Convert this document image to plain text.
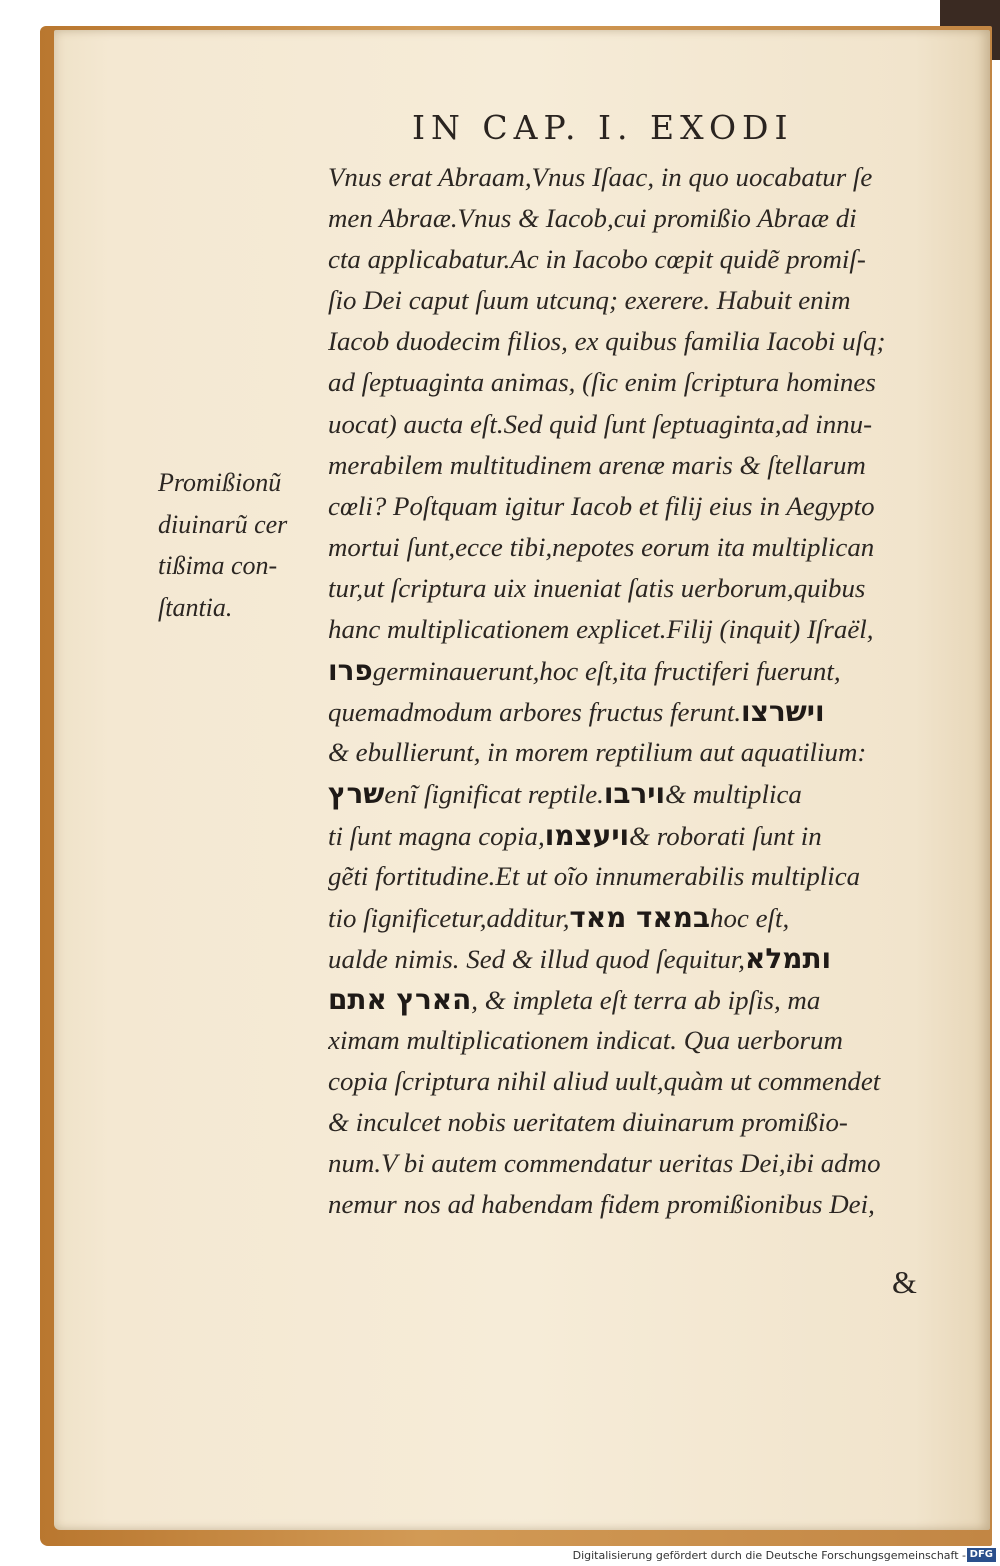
IN CAP. I. EXODI
Promißionũ
diuinarũ cer
tißima con-
ſtantia.
Vnus erat Abraam,Vnus Iſaac, in quo uocabatur ſe
men Abraæ.Vnus & Iacob,cui promißio Abraæ di
cta applicabatur.Ac in Iacobo cœpit quidẽ promiſ-
ſio Dei caput ſuum utcunq; exerere. Habuit enim
Iacob duodecim filios, ex quibus familia Iacobi uſq;
ad ſeptuaginta animas, (ſic enim ſcriptura homines
uocat) aucta eſt.Sed quid ſunt ſeptuaginta,ad innu-
merabilem multitudinem arenæ maris & ſtellarum
cœli? Poſtquam igitur Iacob et filij eius in Aegypto
mortui ſunt,ecce tibi,nepotes eorum ita multiplican
tur,ut ſcriptura uix inueniat ſatis uerborum,quibus
hanc multiplicationem explicet.Filij (inquit) Iſraël,
פרוgerminauerunt,hoc eſt,ita fructiferi fuerunt,
quemadmodum arbores fructus ferunt.וישרצו
& ebullierunt, in morem reptilium aut aquatilium:
שרץenĩ ſignificat reptile.וירבו& multiplica
ti ſunt magna copia,ויעצמו& roborati ſunt in
gẽti fortitudine.Et ut oĩo innumerabilis multiplica
tio ſignificetur,additur,במאד מאדhoc eſt,
ualde nimis. Sed & illud quod ſequitur,ותמלא
הארץ אתם, & impleta eſt terra ab ipſis, ma
ximam multiplicationem indicat. Qua uerborum
copia ſcriptura nihil aliud uult,quàm ut commendet
& inculcet nobis ueritatem diuinarum promißio-
num.V bi autem commendatur ueritas Dei,ibi admo
nemur nos ad habendam fidem promißionibus Dei,
&
Digitalisierung gefördert durch die Deutsche Forschungsgemeinschaft - DFG
